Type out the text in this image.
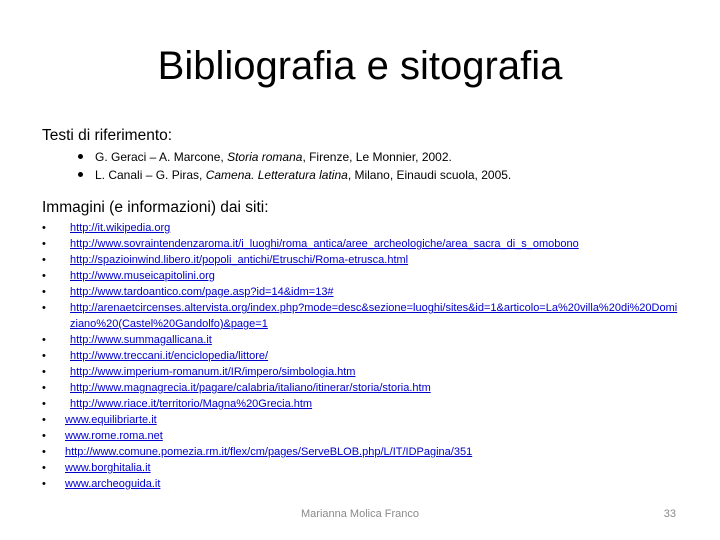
Bibliografia e sitografia
Testi di riferimento:
G. Geraci – A. Marcone, Storia romana, Firenze, Le Monnier, 2002.
L. Canali – G. Piras, Camena. Letteratura latina, Milano, Einaudi scuola, 2005.
Immagini (e informazioni) dai siti:
• http://it.wikipedia.org
• http://www.sovraintendenzaroma.it/i_luoghi/roma_antica/aree_archeologiche/area_sacra_di_s_omobono
• http://spazioinwind.libero.it/popoli_antichi/Etruschi/Roma-etrusca.html
• http://www.museicapitolini.org
• http://www.tardoantico.com/page.asp?id=14&idm=13#
• http://arenaetcircenses.altervista.org/index.php?mode=desc&sezione=luoghi/sites&id=1&articolo=La%20villa%20di%20Domiziano%20(Castel%20Gandolfo)&page=1
• http://www.summagallicana.it
• http://www.treccani.it/enciclopedia/littore/
• http://www.imperium-romanum.it/IR/impero/simbologia.htm
• http://www.magnagrecia.it/pagare/calabria/italiano/itinerar/storia/storia.htm
• http://www.riace.it/territorio/Magna%20Grecia.htm
• www.equilibriarte.it
• www.rome.roma.net
• http://www.comune.pomezia.rm.it/flex/cm/pages/ServeBLOB.php/L/IT/IDPagina/351
• www.borghitalia.it
• www.archeoguida.it
Marianna Molica Franco	33
